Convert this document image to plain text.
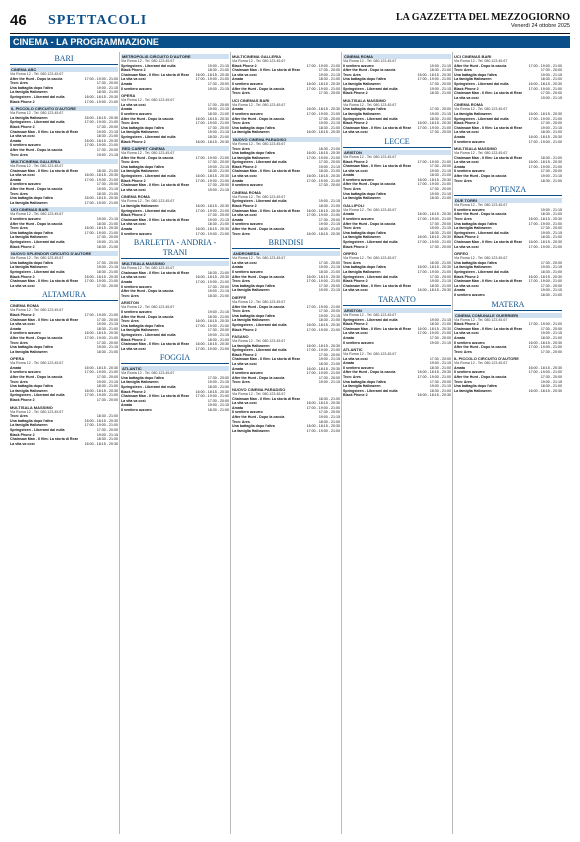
46 SPETTACOLI	LA GAZZETTA DEL MEZZOGIORNO
Venerdì 24 ottobre 2025
CINEMA - LA PROGRAMMAZIONE
BARI
CINEMA ABC
Via Roma 12 - Tel. 080.123.45.67
After the Hunt - Dopo la caccia	17:00 - 19:00 - 21:00
Tron: Ares	17:30 - 20:00
Una battaglia dopo l'altra	19:00 - 21:15
La famiglia Halloween	18:30 - 21:00
Springsteen - Liberami dal nulla	16:00 - 18:15 - 20:30
Black Phone 2	17:00 - 19:00 - 21:00
IL PICCOLO CIRCUITO D'AUTORE
Via Roma 12 - Tel. 080.123.45.67
La famiglia Halloween	16:00 - 18:15 - 20:30
Springsteen - Liberami dal nulla	17:00 - 19:00 - 21:00
Black Phone 2	17:30 - 20:00
Chainsaw Man - Il film: La storia di Reze	19:00 - 21:15
La vita va così	18:30 - 21:00
Amata	16:00 - 18:15 - 20:30
Il sentiero azzurro	17:00 - 19:00 - 21:00
After the Hunt - Dopo la caccia	17:30 - 20:00
Tron: Ares	19:00 - 21:15
MULTICINEMA GALLERIA
Via Roma 12 - Tel. 080.123.45.67
Chainsaw Man - Il film: La storia di Reze	18:30 - 21:00
La vita va così	16:00 - 18:15 - 20:30
Amata	17:00 - 19:00 - 21:00
Il sentiero azzurro	17:30 - 20:00
After the Hunt - Dopo la caccia	19:00 - 21:15
Tron: Ares	18:30 - 21:00
Una battaglia dopo l'altra	16:00 - 18:15 - 20:30
La famiglia Halloween	17:00 - 19:00 - 21:00
UCI CINEMAS BARI
Via Roma 12 - Tel. 080.123.45.67
Il sentiero azzurro	19:00 - 21:15
After the Hunt - Dopo la caccia	18:30 - 21:00
Tron: Ares	16:00 - 18:15 - 20:30
Una battaglia dopo l'altra	17:00 - 19:00 - 21:00
La famiglia Halloween	17:30 - 20:00
Springsteen - Liberami dal nulla	19:00 - 21:15
Black Phone 2	18:30 - 21:00
NUOVO SPLENDOR CIRCUITO D'AUTORE
Via Roma 12 - Tel. 080.123.45.67
Una battaglia dopo l'altra	17:30 - 20:00
La famiglia Halloween	19:00 - 21:15
Springsteen - Liberami dal nulla	18:30 - 21:00
Black Phone 2	16:00 - 18:15 - 20:30
Chainsaw Man - Il film: La storia di Reze 17:00 - 19:00 - 21:00
La vita va così	17:30 - 20:00
ALTAMURA
CINEMA ROMA
Via Roma 12 - Tel. 080.123.45.67
Black Phone 2	17:00 - 19:00 - 21:00
Chainsaw Man - Il film: La storia di Reze	17:30 - 20:00
La vita va così	19:00 - 21:15
Amata	18:30 - 21:00
Il sentiero azzurro	16:00 - 18:15 - 20:30
After the Hunt - Dopo la caccia	17:00 - 19:00 - 21:00
Tron: Ares	17:30 - 20:00
Una battaglia dopo l'altra	19:00 - 21:15
La famiglia Halloween	18:30 - 21:00
OPERA
Via Roma 12 - Tel. 080.123.45.67
Amata	16:00 - 18:15 - 20:30
Il sentiero azzurro	17:00 - 19:00 - 21:00
After the Hunt - Dopo la caccia	17:30 - 20:00
Tron: Ares	19:00 - 21:15
Una battaglia dopo l'altra	18:30 - 21:00
La famiglia Halloween	16:00 - 18:15 - 20:30
Springsteen - Liberami dal nulla	17:00 - 19:00 - 21:00
Black Phone 2	17:30 - 20:00
MULTISALA MASSIMO
Via Roma 12 - Tel. 080.123.45.67
Tron: Ares	18:30 - 21:00
Una battaglia dopo l'altra	16:00 - 18:15 - 20:30
La famiglia Halloween	17:00 - 19:00 - 21:00
Springsteen - Liberami dal nulla	17:30 - 20:00
Black Phone 2	19:00 - 21:15
Chainsaw Man - Il film: La storia di Reze	18:30 - 21:00
La vita va così	16:00 - 18:15 - 20:30
METROPOLIS CIRCUITO D'AUTORE
Via Roma 12 - Tel. 080.123.45.67
Springsteen - Liberami dal nulla	19:00 - 21:15
Black Phone 2	18:30 - 21:00
Chainsaw Man - Il film: La storia di Reze 16:00 - 18:15 - 20:30
La vita va così	17:00 - 19:00 - 21:00
Amata	17:30 - 20:00
Il sentiero azzurro	19:00 - 21:15
OPERA
Via Roma 12 - Tel. 080.123.45.67
La vita va così	17:30 - 20:00
Amata	19:00 - 21:15
Il sentiero azzurro	18:30 - 21:00
After the Hunt - Dopo la caccia	16:00 - 18:15 - 20:30
Tron: Ares	17:00 - 19:00 - 21:00
Una battaglia dopo l'altra	17:30 - 20:00
La famiglia Halloween	19:00 - 21:15
Springsteen - Liberami dal nulla	18:30 - 21:00
Black Phone 2	16:00 - 18:15 - 20:30
RED CARPET CINEMA
Via Roma 12 - Tel. 080.123.45.67
After the Hunt - Dopo la caccia	17:00 - 19:00 - 21:00
Tron: Ares	17:30 - 20:00
Una battaglia dopo l'altra	19:00 - 21:15
La famiglia Halloween	18:30 - 21:00
Springsteen - Liberami dal nulla	16:00 - 18:15 - 20:30
Black Phone 2	17:00 - 19:00 - 21:00
Chainsaw Man - Il film: La storia di Reze	17:30 - 20:00
La vita va così	19:00 - 21:15
CINEMA ROMA
Via Roma 12 - Tel. 080.123.45.67
La famiglia Halloween	16:00 - 18:15 - 20:30
Springsteen - Liberami dal nulla	17:00 - 19:00 - 21:00
Black Phone 2	17:30 - 20:00
Chainsaw Man - Il film: La storia di Reze	19:00 - 21:15
La vita va così	18:30 - 21:00
Amata	16:00 - 18:15 - 20:30
Il sentiero azzurro	17:00 - 19:00 - 21:00
BARLETTA - ANDRIA - TRANI
MULTISALA MASSIMO
Via Roma 12 - Tel. 080.123.45.67
Chainsaw Man - Il film: La storia di Reze	18:30 - 21:00
La vita va così	16:00 - 18:15 - 20:30
Amata	17:00 - 19:00 - 21:00
Il sentiero azzurro	17:30 - 20:00
After the Hunt - Dopo la caccia	19:00 - 21:15
Tron: Ares	18:30 - 21:00
ARISTON
Via Roma 12 - Tel. 080.123.45.67
Il sentiero azzurro	19:00 - 21:15
After the Hunt - Dopo la caccia	18:30 - 21:00
Tron: Ares	16:00 - 18:15 - 20:30
Una battaglia dopo l'altra	17:00 - 19:00 - 21:00
La famiglia Halloween	17:30 - 20:00
Springsteen - Liberami dal nulla	19:00 - 21:15
Black Phone 2	18:30 - 21:00
Chainsaw Man - Il film: La storia di Reze 16:00 - 18:15 - 20:30
La vita va così	17:00 - 19:00 - 21:00
FOGGIA
ATLANTIC
Via Roma 12 - Tel. 080.123.45.67
Una battaglia dopo l'altra	17:30 - 20:00
La famiglia Halloween	19:00 - 21:15
Springsteen - Liberami dal nulla	18:30 - 21:00
Black Phone 2	16:00 - 18:15 - 20:30
Chainsaw Man - Il film: La storia di Reze 17:00 - 19:00 - 21:00
La vita va così	17:30 - 20:00
Amata	19:00 - 21:15
Il sentiero azzurro	18:30 - 21:00
MULTICINEMA GALLERIA
Via Roma 12 - Tel. 080.123.45.67
Black Phone 2	17:00 - 19:00 - 21:00
Chainsaw Man - Il film: La storia di Reze	17:30 - 20:00
La vita va così	19:00 - 21:15
Amata	18:30 - 21:00
Il sentiero azzurro	16:00 - 18:15 - 20:30
After the Hunt - Dopo la caccia	17:00 - 19:00 - 21:00
Tron: Ares	17:30 - 20:00
UCI CINEMAS BARI
Via Roma 12 - Tel. 080.123.45.67
Amata	16:00 - 18:15 - 20:30
Il sentiero azzurro	17:00 - 19:00 - 21:00
After the Hunt - Dopo la caccia	17:30 - 20:00
Tron: Ares	19:00 - 21:15
Una battaglia dopo l'altra	18:30 - 21:00
La famiglia Halloween	16:00 - 18:15 - 20:30
NUOVO CINEMA PARADISO
Via Roma 12 - Tel. 080.123.45.67
Tron: Ares	18:30 - 21:00
Una battaglia dopo l'altra	16:00 - 18:15 - 20:30
La famiglia Halloween	17:00 - 19:00 - 21:00
Springsteen - Liberami dal nulla	17:30 - 20:00
Black Phone 2	19:00 - 21:15
Chainsaw Man - Il film: La storia di Reze	18:30 - 21:00
La vita va così	16:00 - 18:15 - 20:30
Amata	17:00 - 19:00 - 21:00
Il sentiero azzurro	17:30 - 20:00
CINEMA ROMA
Via Roma 12 - Tel. 080.123.45.67
Springsteen - Liberami dal nulla	19:00 - 21:15
Black Phone 2	18:30 - 21:00
Chainsaw Man - Il film: La storia di Reze 16:00 - 18:15 - 20:30
La vita va così	17:00 - 19:00 - 21:00
Amata	17:30 - 20:00
Il sentiero azzurro	19:00 - 21:15
After the Hunt - Dopo la caccia	18:30 - 21:00
Tron: Ares	16:00 - 18:15 - 20:30
BRINDISI
ANDROMEDA
Via Roma 12 - Tel. 080.123.45.67
La vita va così	17:30 - 20:00
Amata	19:00 - 21:15
Il sentiero azzurro	18:30 - 21:00
After the Hunt - Dopo la caccia	16:00 - 18:15 - 20:30
Tron: Ares	17:00 - 19:00 - 21:00
Una battaglia dopo l'altra	17:30 - 20:00
La famiglia Halloween	19:00 - 21:15
DIEFFE
Via Roma 12 - Tel. 080.123.45.67
After the Hunt - Dopo la caccia	17:00 - 19:00 - 21:00
Tron: Ares	17:30 - 20:00
Una battaglia dopo l'altra	19:00 - 21:15
La famiglia Halloween	18:30 - 21:00
Springsteen - Liberami dal nulla	16:00 - 18:15 - 20:30
Black Phone 2	17:00 - 19:00 - 21:00
FASANO
Via Roma 12 - Tel. 080.123.45.67
La famiglia Halloween	16:00 - 18:15 - 20:30
Springsteen - Liberami dal nulla	17:00 - 19:00 - 21:00
Black Phone 2	17:30 - 20:00
Chainsaw Man - Il film: La storia di Reze	19:00 - 21:15
La vita va così	18:30 - 21:00
Amata	16:00 - 18:15 - 20:30
Il sentiero azzurro	17:00 - 19:00 - 21:00
After the Hunt - Dopo la caccia	17:30 - 20:00
Tron: Ares	19:00 - 21:15
NUOVO CINEMA PARADISO
Via Roma 12 - Tel. 080.123.45.67
Chainsaw Man - Il film: La storia di Reze	18:30 - 21:00
La vita va così	16:00 - 18:15 - 20:30
Amata	17:00 - 19:00 - 21:00
Il sentiero azzurro	17:30 - 20:00
After the Hunt - Dopo la caccia	19:00 - 21:15
Tron: Ares	18:30 - 21:00
Una battaglia dopo l'altra	16:00 - 18:15 - 20:30
La famiglia Halloween	17:00 - 19:00 - 21:00
CINEMA ROMA
Via Roma 12 - Tel. 080.123.45.67
Il sentiero azzurro	19:00 - 21:15
After the Hunt - Dopo la caccia	18:30 - 21:00
Tron: Ares	16:00 - 18:15 - 20:30
Una battaglia dopo l'altra	17:00 - 19:00 - 21:00
La famiglia Halloween	17:30 - 20:00
Springsteen - Liberami dal nulla	19:00 - 21:15
Black Phone 2	18:30 - 21:00
MULTISALA MASSIMO
Via Roma 12 - Tel. 080.123.45.67
Una battaglia dopo l'altra	17:30 - 20:00
La famiglia Halloween	19:00 - 21:15
Springsteen - Liberami dal nulla	18:30 - 21:00
Black Phone 2	16:00 - 18:15 - 20:30
Chainsaw Man - Il film: La storia di Reze 17:00 - 19:00 - 21:00
La vita va così	17:30 - 20:00
LECCE
ARISTON
Via Roma 12 - Tel. 080.123.45.67
Black Phone 2	17:00 - 19:00 - 21:00
Chainsaw Man - Il film: La storia di Reze	17:30 - 20:00
La vita va così	19:00 - 21:15
Amata	18:30 - 21:00
Il sentiero azzurro	16:00 - 18:15 - 20:30
After the Hunt - Dopo la caccia	17:00 - 19:00 - 21:00
Tron: Ares	17:30 - 20:00
Una battaglia dopo l'altra	19:00 - 21:15
La famiglia Halloween	18:30 - 21:00
GALLIPOLI
Via Roma 12 - Tel. 080.123.45.67
Amata	16:00 - 18:15 - 20:30
Il sentiero azzurro	17:00 - 19:00 - 21:00
After the Hunt - Dopo la caccia	17:30 - 20:00
Tron: Ares	19:00 - 21:15
Una battaglia dopo l'altra	18:30 - 21:00
La famiglia Halloween	16:00 - 18:15 - 20:30
Springsteen - Liberami dal nulla	17:00 - 19:00 - 21:00
Black Phone 2	17:30 - 20:00
ORFEO
Via Roma 12 - Tel. 080.123.45.67
Tron: Ares	18:30 - 21:00
Una battaglia dopo l'altra	16:00 - 18:15 - 20:30
La famiglia Halloween	17:00 - 19:00 - 21:00
Springsteen - Liberami dal nulla	17:30 - 20:00
Black Phone 2	19:00 - 21:15
Chainsaw Man - Il film: La storia di Reze	18:30 - 21:00
La vita va così	16:00 - 18:15 - 20:30
TARANTO
ARISTON
Via Roma 12 - Tel. 080.123.45.67
Springsteen - Liberami dal nulla	19:00 - 21:15
Black Phone 2	18:30 - 21:00
Chainsaw Man - Il film: La storia di Reze 16:00 - 18:15 - 20:30
La vita va così	17:00 - 19:00 - 21:00
Amata	17:30 - 20:00
Il sentiero azzurro	19:00 - 21:15
ATLANTIC
Via Roma 12 - Tel. 080.123.45.67
La vita va così	17:30 - 20:00
Amata	19:00 - 21:15
Il sentiero azzurro	18:30 - 21:00
After the Hunt - Dopo la caccia	16:00 - 18:15 - 20:30
Tron: Ares	17:00 - 19:00 - 21:00
Una battaglia dopo l'altra	17:30 - 20:00
La famiglia Halloween	19:00 - 21:15
Springsteen - Liberami dal nulla	18:30 - 21:00
Black Phone 2	16:00 - 18:15 - 20:30
UCI CINEMAS BARI
Via Roma 12 - Tel. 080.123.45.67
After the Hunt - Dopo la caccia	17:00 - 19:00 - 21:00
Tron: Ares	17:30 - 20:00
Una battaglia dopo l'altra	19:00 - 21:15
La famiglia Halloween	18:30 - 21:00
Springsteen - Liberami dal nulla	16:00 - 18:15 - 20:30
Black Phone 2	17:00 - 19:00 - 21:00
Chainsaw Man - Il film: La storia di Reze	17:30 - 20:00
La vita va così	19:00 - 21:15
CINEMA ROMA
Via Roma 12 - Tel. 080.123.45.67
La famiglia Halloween	16:00 - 18:15 - 20:30
Springsteen - Liberami dal nulla	17:00 - 19:00 - 21:00
Black Phone 2	17:30 - 20:00
Chainsaw Man - Il film: La storia di Reze	19:00 - 21:15
La vita va così	18:30 - 21:00
Amata	16:00 - 18:15 - 20:30
Il sentiero azzurro	17:00 - 19:00 - 21:00
MULTISALA MASSIMO
Via Roma 12 - Tel. 080.123.45.67
Chainsaw Man - Il film: La storia di Reze	18:30 - 21:00
La vita va così	16:00 - 18:15 - 20:30
Amata	17:00 - 19:00 - 21:00
Il sentiero azzurro	17:30 - 20:00
After the Hunt - Dopo la caccia	19:00 - 21:15
Tron: Ares	18:30 - 21:00
POTENZA
DUE TORRI
Via Roma 12 - Tel. 080.123.45.67
Il sentiero azzurro	19:00 - 21:15
After the Hunt - Dopo la caccia	18:30 - 21:00
Tron: Ares	16:00 - 18:15 - 20:30
Una battaglia dopo l'altra	17:00 - 19:00 - 21:00
La famiglia Halloween	17:30 - 20:00
Springsteen - Liberami dal nulla	19:00 - 21:15
Black Phone 2	18:30 - 21:00
Chainsaw Man - Il film: La storia di Reze 16:00 - 18:15 - 20:30
La vita va così	17:00 - 19:00 - 21:00
ORFEO
Via Roma 12 - Tel. 080.123.45.67
Una battaglia dopo l'altra	17:30 - 20:00
La famiglia Halloween	19:00 - 21:15
Springsteen - Liberami dal nulla	18:30 - 21:00
Black Phone 2	16:00 - 18:15 - 20:30
Chainsaw Man - Il film: La storia di Reze 17:00 - 19:00 - 21:00
La vita va così	17:30 - 20:00
Amata	19:00 - 21:15
Il sentiero azzurro	18:30 - 21:00
MATERA
CINEMA COMUNALE GUERRIERI
Via Roma 12 - Tel. 080.123.45.67
Black Phone 2	17:00 - 19:00 - 21:00
Chainsaw Man - Il film: La storia di Reze	17:30 - 20:00
La vita va così	19:00 - 21:15
Amata	18:30 - 21:00
Il sentiero azzurro	16:00 - 18:15 - 20:30
After the Hunt - Dopo la caccia	17:00 - 19:00 - 21:00
Tron: Ares	17:30 - 20:00
IL PICCOLO CIRCUITO D'AUTORE
Via Roma 12 - Tel. 080.123.45.67
Amata	16:00 - 18:15 - 20:30
Il sentiero azzurro	17:00 - 19:00 - 21:00
After the Hunt - Dopo la caccia	17:30 - 20:00
Tron: Ares	19:00 - 21:15
Una battaglia dopo l'altra	18:30 - 21:00
La famiglia Halloween	16:00 - 18:15 - 20:30
